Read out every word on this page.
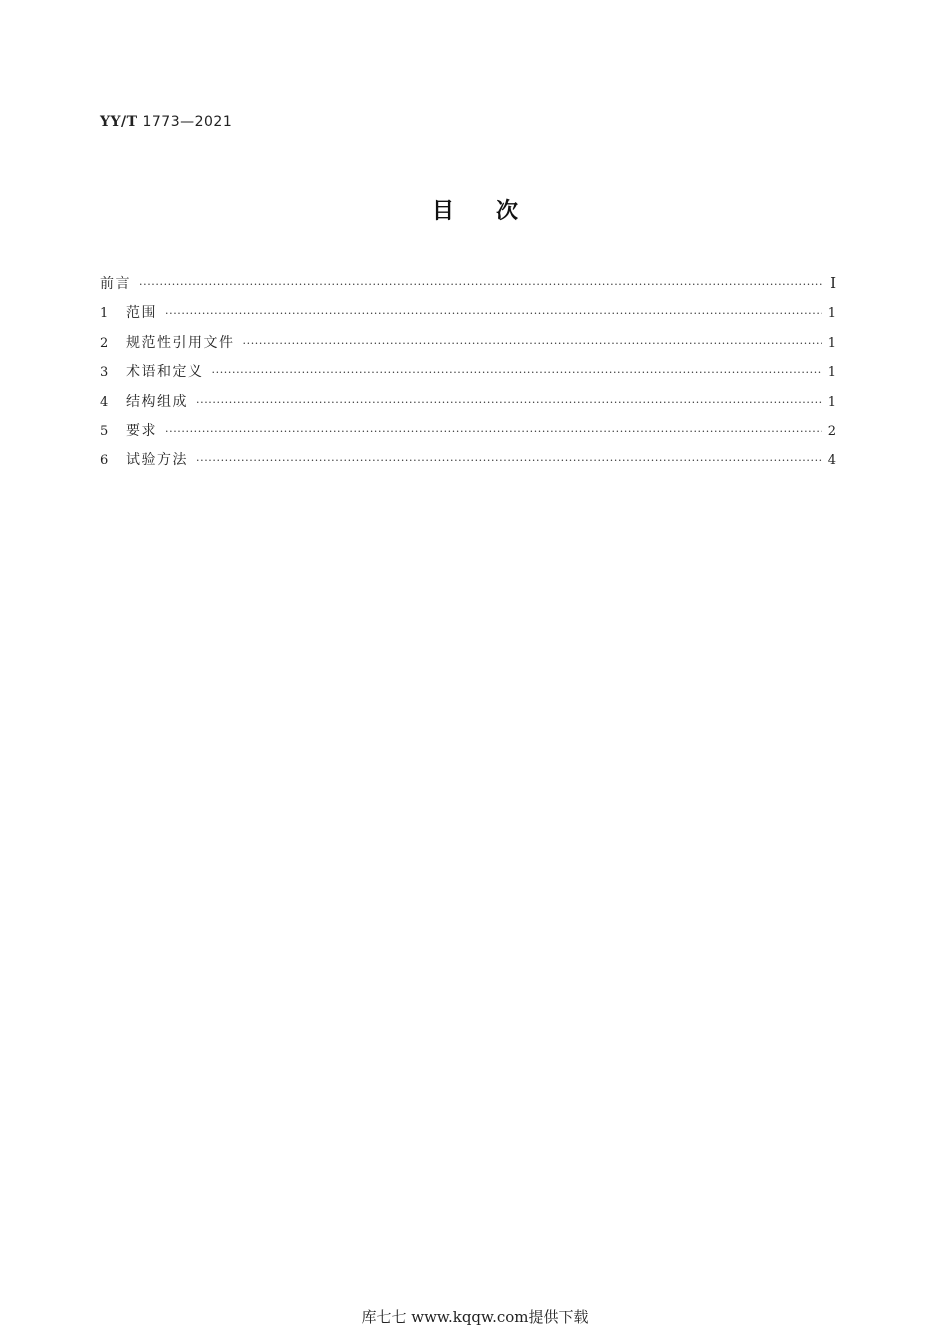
YY/T 1773—2021
目 次
前言 ·····	Ⅰ
1	范围 ·····	1
2	规范性引用文件 ·····	1
3	术语和定义 ·····	1
4	结构组成 ·····	1
5	要求 ·····	2
6	试验方法 ·····	4
库七七 www.kqqw.com提供下载
